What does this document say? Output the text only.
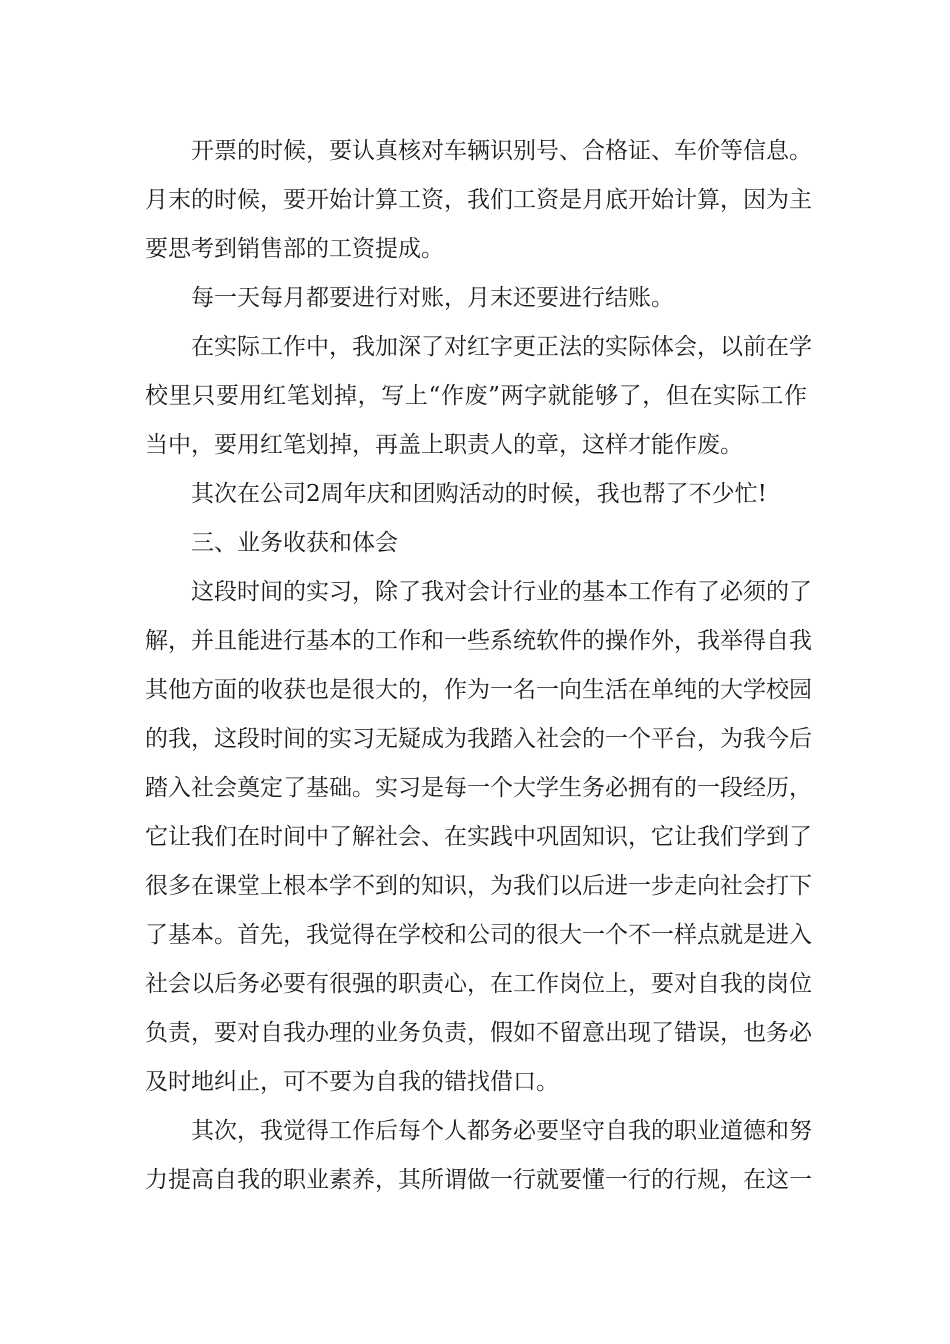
开票的时候，要认真核对车辆识别号、合格证、车价等信息。
月末的时候，要开始计算工资，我们工资是月底开始计算，因为主
要思考到销售部的工资提成。
每一天每月都要进行对账，月末还要进行结账。
在实际工作中，我加深了对红字更正法的实际体会，以前在学
校里只要用红笔划掉，写上“作废”两字就能够了，但在实际工作
当中，要用红笔划掉，再盖上职责人的章，这样才能作废。
其次在公司2周年庆和团购活动的时候，我也帮了不少忙!
三、业务收获和体会
这段时间的实习，除了我对会计行业的基本工作有了必须的了
解，并且能进行基本的工作和一些系统软件的操作外，我举得自我
其他方面的收获也是很大的，作为一名一向生活在单纯的大学校园
的我，这段时间的实习无疑成为我踏入社会的一个平台，为我今后
踏入社会奠定了基础。实习是每一个大学生务必拥有的一段经历，
它让我们在时间中了解社会、在实践中巩固知识，它让我们学到了
很多在课堂上根本学不到的知识，为我们以后进一步走向社会打下
了基本。首先，我觉得在学校和公司的很大一个不一样点就是进入
社会以后务必要有很强的职责心，在工作岗位上，要对自我的岗位
负责，要对自我办理的业务负责，假如不留意出现了错误，也务必
及时地纠止，可不要为自我的错找借口。
其次，我觉得工作后每个人都务必要坚守自我的职业道德和努
力提高自我的职业素养，其所谓做一行就要懂一行的行规，在这一
